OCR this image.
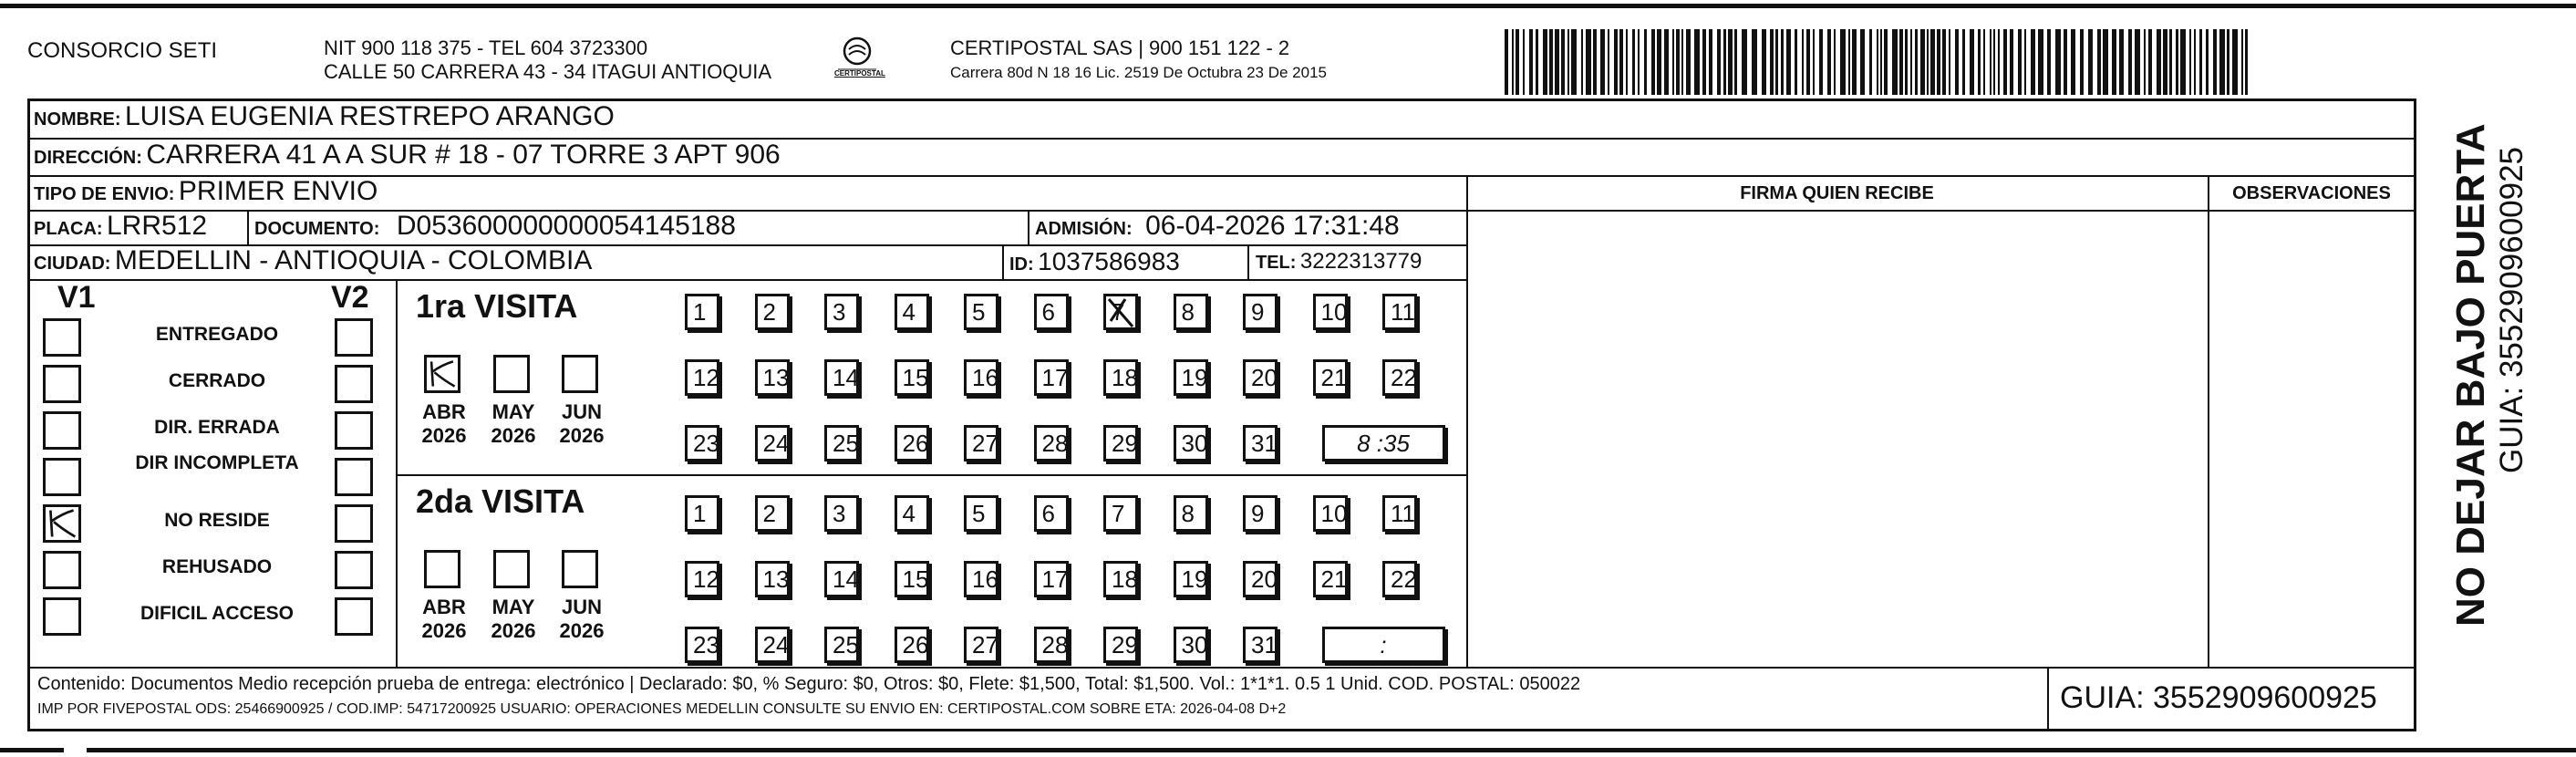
CONSORCIO SETI	NIT 900 118 375 - TEL 604 3723300
CALLE 50 CARRERA 43 - 34 ITAGUI ANTIOQUIA	CERTIPOSTAL
CERTIPOSTAL SAS | 900 151 122 - 2
Carrera 80d N 18 16 Lic. 2519 De Octubra 23 De 2015
NOMBRE: LUISA EUGENIA RESTREPO ARANGO
DIRECCIÓN: CARRERA 41 A A SUR # 18 - 07 TORRE 3 APT 906
TIPO DE ENVIO: PRIMER ENVIO	FIRMA QUIEN RECIBE	OBSERVACIONES
PLACA: LRR512	DOCUMENTO: D053600000000054145188	ADMISIÓN: 06-04-2026 17:31:48
CIUDAD: MEDELLIN - ANTIOQUIA - COLOMBIA	ID: 1037586983	TEL: 3222313779
V1	V2
ENTREGADO
CERRADO
DIR. ERRADA
DIR INCOMPLETA
NO RESIDE
REHUSADO
DIFICIL ACCESO
1ra VISITA
ABR
2026
MAY
2026
JUN
2026
1	2	3	4	5	6	7	8	9	10	11
12	13	14	15	16	17	18	19	20	21	22
23	24	25	26	27	28	29	30	31	8 :35
2da VISITA
ABR
2026
MAY
2026
JUN
2026
1	2	3	4	5	6	7	8	9	10	11
12	13	14	15	16	17	18	19	20	21	22
23	24	25	26	27	28	29	30	31	:
Contenido: Documentos Medio recepción prueba de entrega: electrónico | Declarado: $0, % Seguro: $0, Otros: $0, Flete: $1,500, Total: $1,500. Vol.: 1*1*1. 0.5 1 Unid. COD. POSTAL: 050022
IMP POR FIVEPOSTAL ODS: 25466900925 / COD.IMP: 54717200925 USUARIO: OPERACIONES MEDELLIN CONSULTE SU ENVIO EN: CERTIPOSTAL.COM SOBRE ETA: 2026-04-08 D+2	GUIA: 3552909600925
NO DEJAR BAJO PUERTA GUIA: 3552909600925
